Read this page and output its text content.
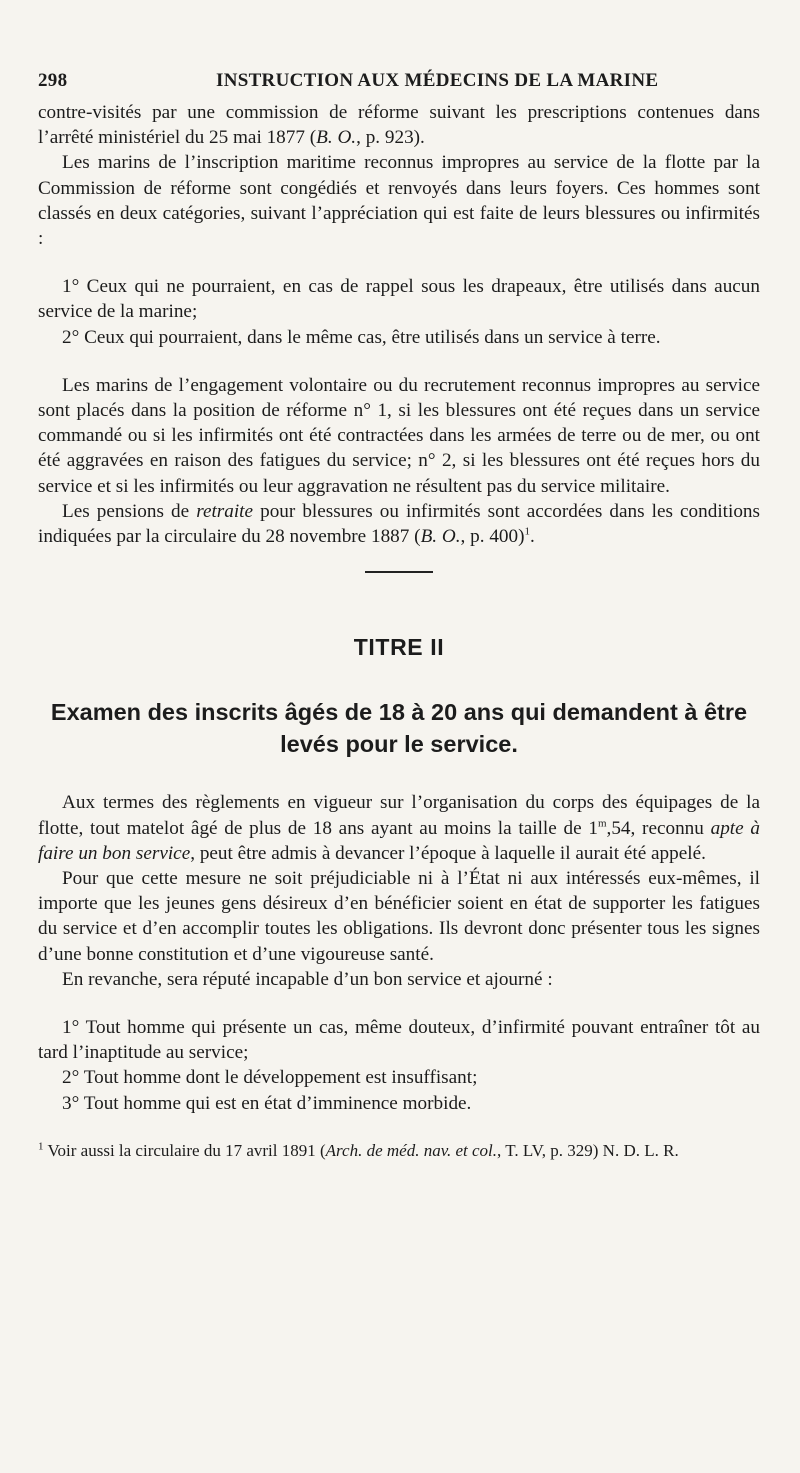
298	INSTRUCTION AUX MÉDECINS DE LA MARINE

contre-visités par une commission de réforme suivant les prescriptions contenues dans l’arrêté ministériel du 25 mai 1877 (B. O., p. 923).

Les marins de l’inscription maritime reconnus impropres au service de la flotte par la Commission de réforme sont congédiés et renvoyés dans leurs foyers. Ces hommes sont classés en deux catégories, suivant l’appréciation qui est faite de leurs blessures ou infirmités :

1° Ceux qui ne pourraient, en cas de rappel sous les drapeaux, être utilisés dans aucun service de la marine;

2° Ceux qui pourraient, dans le même cas, être utilisés dans un service à terre.

Les marins de l’engagement volontaire ou du recrutement reconnus impropres au service sont placés dans la position de réforme n° 1, si les blessures ont été reçues dans un service commandé ou si les infirmités ont été contractées dans les armées de terre ou de mer, ou ont été aggravées en raison des fatigues du service; n° 2, si les blessures ont été reçues hors du service et si les infirmités ou leur aggravation ne résultent pas du service militaire.

Les pensions de retraite pour blessures ou infirmités sont accordées dans les conditions indiquées par la circulaire du 28 novembre 1887 (B. O., p. 400)$^1$.

TITRE II
Examen des inscrits âgés de 18 à 20 ans qui demandent à être levés pour le service.

Aux termes des règlements en vigueur sur l’organisation du corps des équipages de la flotte, tout matelot âgé de plus de 18 ans ayant au moins la taille de 1$^m$,54, reconnu apte à faire un bon service, peut être admis à devancer l’époque à laquelle il aurait été appelé.

Pour que cette mesure ne soit préjudiciable ni à l’État ni aux intéressés eux-mêmes, il importe que les jeunes gens désireux d’en bénéficier soient en état de supporter les fatigues du service et d’en accomplir toutes les obligations. Ils devront donc présenter tous les signes d’une bonne constitution et d’une vigoureuse santé.

En revanche, sera réputé incapable d’un bon service et ajourné :

1° Tout homme qui présente un cas, même douteux, d’infirmité pouvant entraîner tôt au tard l’inaptitude au service;

2° Tout homme dont le développement est insuffisant;

3° Tout homme qui est en état d’imminence morbide.

$^1$ Voir aussi la circulaire du 17 avril 1891 (Arch. de méd. nav. et col., T. LV, p. 329) N. D. L. R.
